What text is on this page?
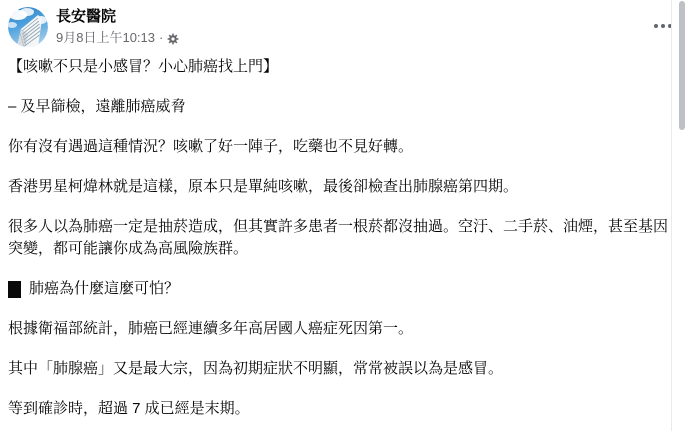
長安醫院
9月8日上午10:13 ·

【咳嗽不只是小感冒？小心肺癌找上門】

– 及早篩檢，遠離肺癌威脅

你有沒有遇過這種情況？咳嗽了好一陣子，吃藥也不見好轉。

香港男星柯煒林就是這樣，原本只是單純咳嗽，最後卻檢查出肺腺癌第四期。

很多人以為肺癌一定是抽菸造成，但其實許多患者一根菸都沒抽過。空汙、二手菸、油煙，甚至基因突變，都可能讓你成為高風險族群。

肺癌為什麼這麼可怕？

根據衛福部統計，肺癌已經連續多年高居國人癌症死因第一。

其中「肺腺癌」又是最大宗，因為初期症狀不明顯，常常被誤以為是感冒。

等到確診時，超過 7 成已經是末期。
